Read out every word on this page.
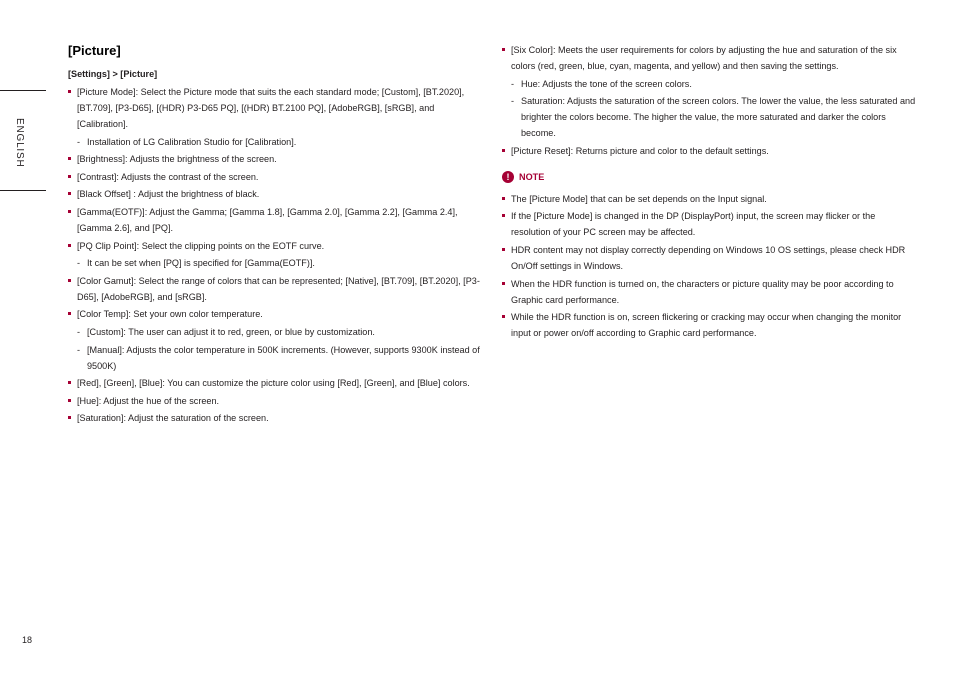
ENGLISH
18
[Picture]
[Settings] > [Picture]
[Picture Mode]: Select the Picture mode that suits the each standard mode; [Custom], [BT.2020], [BT.709], [P3-D65], [(HDR) P3-D65 PQ], [(HDR) BT.2100 PQ], [AdobeRGB], [sRGB], and [Calibration].
- Installation of LG Calibration Studio for [Calibration].
[Brightness]: Adjusts the brightness of the screen.
[Contrast]: Adjusts the contrast of the screen.
[Black Offset] : Adjust the brightness of black.
[Gamma(EOTF)]: Adjust the Gamma; [Gamma 1.8], [Gamma 2.0], [Gamma 2.2], [Gamma 2.4], [Gamma 2.6], and [PQ].
[PQ Clip Point]: Select the clipping points on the EOTF curve.
- It can be set when [PQ] is specified for [Gamma(EOTF)].
[Color Gamut]: Select the range of colors that can be represented; [Native], [BT.709], [BT.2020], [P3-D65], [AdobeRGB], and [sRGB].
[Color Temp]: Set your own color temperature.
- [Custom]: The user can adjust it to red, green, or blue by customization.
- [Manual]: Adjusts the color temperature in 500K increments. (However, supports 9300K instead of 9500K)
[Red], [Green], [Blue]: You can customize the picture color using [Red], [Green], and [Blue] colors.
[Hue]: Adjust the hue of the screen.
[Saturation]: Adjust the saturation of the screen.
[Six Color]: Meets the user requirements for colors by adjusting the hue and saturation of the six colors (red, green, blue, cyan, magenta, and yellow) and then saving the settings.
- Hue: Adjusts the tone of the screen colors.
- Saturation: Adjusts the saturation of the screen colors. The lower the value, the less saturated and brighter the colors become. The higher the value, the more saturated and darker the colors become.
[Picture Reset]: Returns picture and color to the default settings.
!	NOTE
The [Picture Mode] that can be set depends on the Input signal.
If the [Picture Mode] is changed in the DP (DisplayPort) input, the screen may flicker or the resolution of your PC screen may be affected.
HDR content may not display correctly depending on Windows 10 OS settings, please check HDR On/Off settings in Windows.
When the HDR function is turned on, the characters or picture quality may be poor according to Graphic card performance.
While the HDR function is on, screen flickering or cracking may occur when changing the monitor input or power on/off according to Graphic card performance.
